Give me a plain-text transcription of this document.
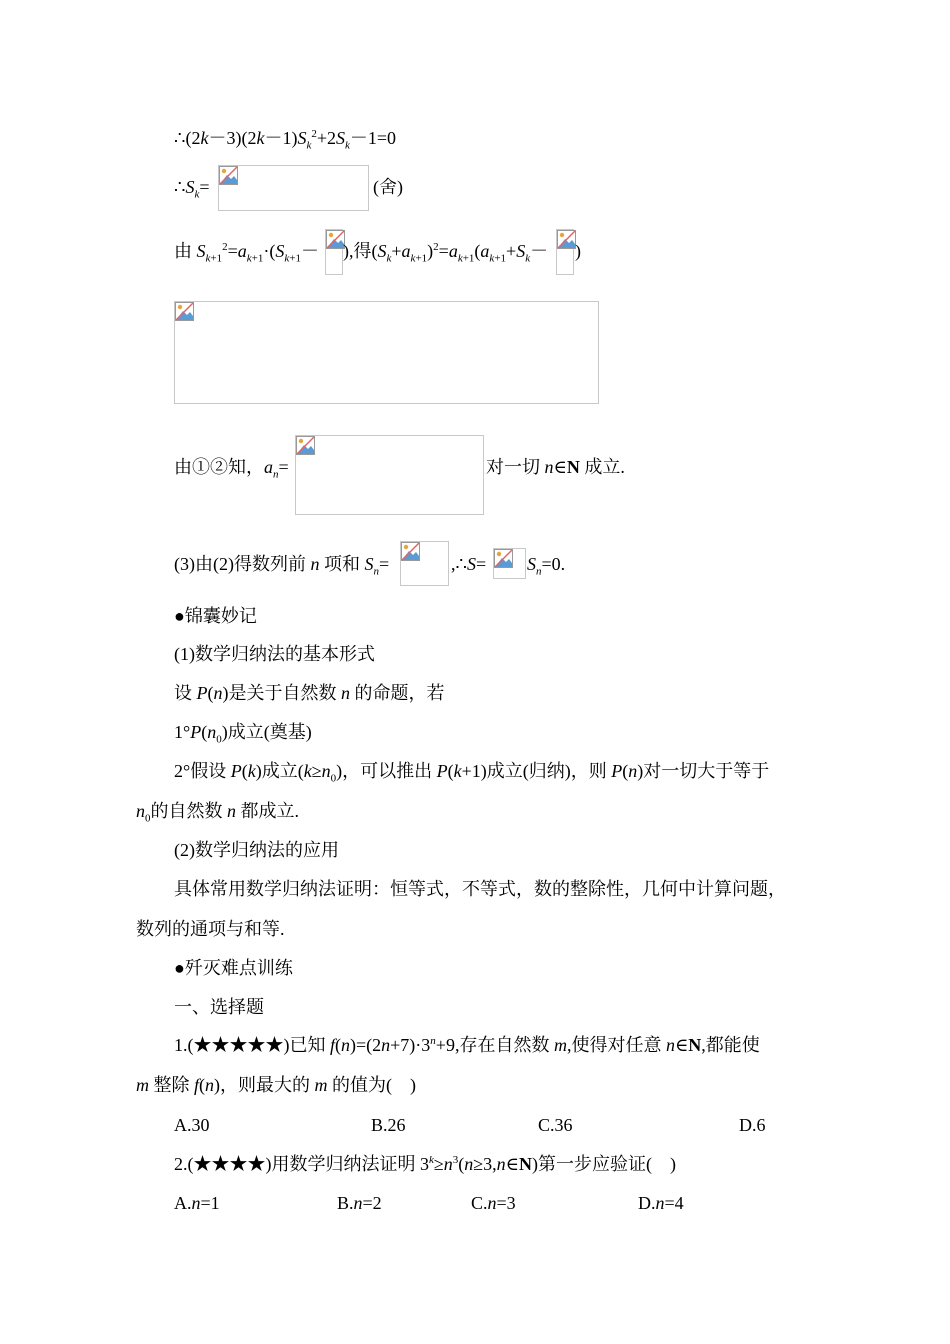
$\therefore(2k-3)(2k-1)S_k^2+2S_k-1=0$
$\therefore S_k=$	(舍)
由 $S_{k+1}^2=a_{k+1}\cdot(S_{k+1}-$ ),得$(S_k+a_{k+1})^2=a_{k+1}(a_{k+1}+S_k-$ )
由①②知，$a_n=$	对一切 n∈N 成立.
(3)由(2)得数列前 n 项和 $S_n=$	,∴S= $S_n=0$.
●锦囊妙记
(1)数学归纳法的基本形式
设 P(n)是关于自然数 n 的命题，若
$1^\circ P(n_0)$成立(奠基)
2°假设 P(k)成立$(k\ge n_0)$，可以推出 P(k+1)成立(归纳)，则 P(n)对一切大于等于
$n_0$的自然数 n 都成立.
(2)数学归纳法的应用
具体常用数学归纳法证明：恒等式，不等式，数的整除性，几何中计算问题，
数列的通项与和等.
●歼灭难点训练
一、选择题
1.(★★★★★)已知 $f(n)=(2n+7)\cdot 3^n+9$,存在自然数 m,使得对任意 n∈N,都能使
m 整除 f(n)，则最大的 m 的值为(    )
A.30	B.26	C.36	D.6
2.(★★★★)用数学归纳法证明 $3^k\ge n^3(n\ge 3,n\in N)$第一步应验证(    )
A.n=1	B.n=2	C.n=3	D.n=4
